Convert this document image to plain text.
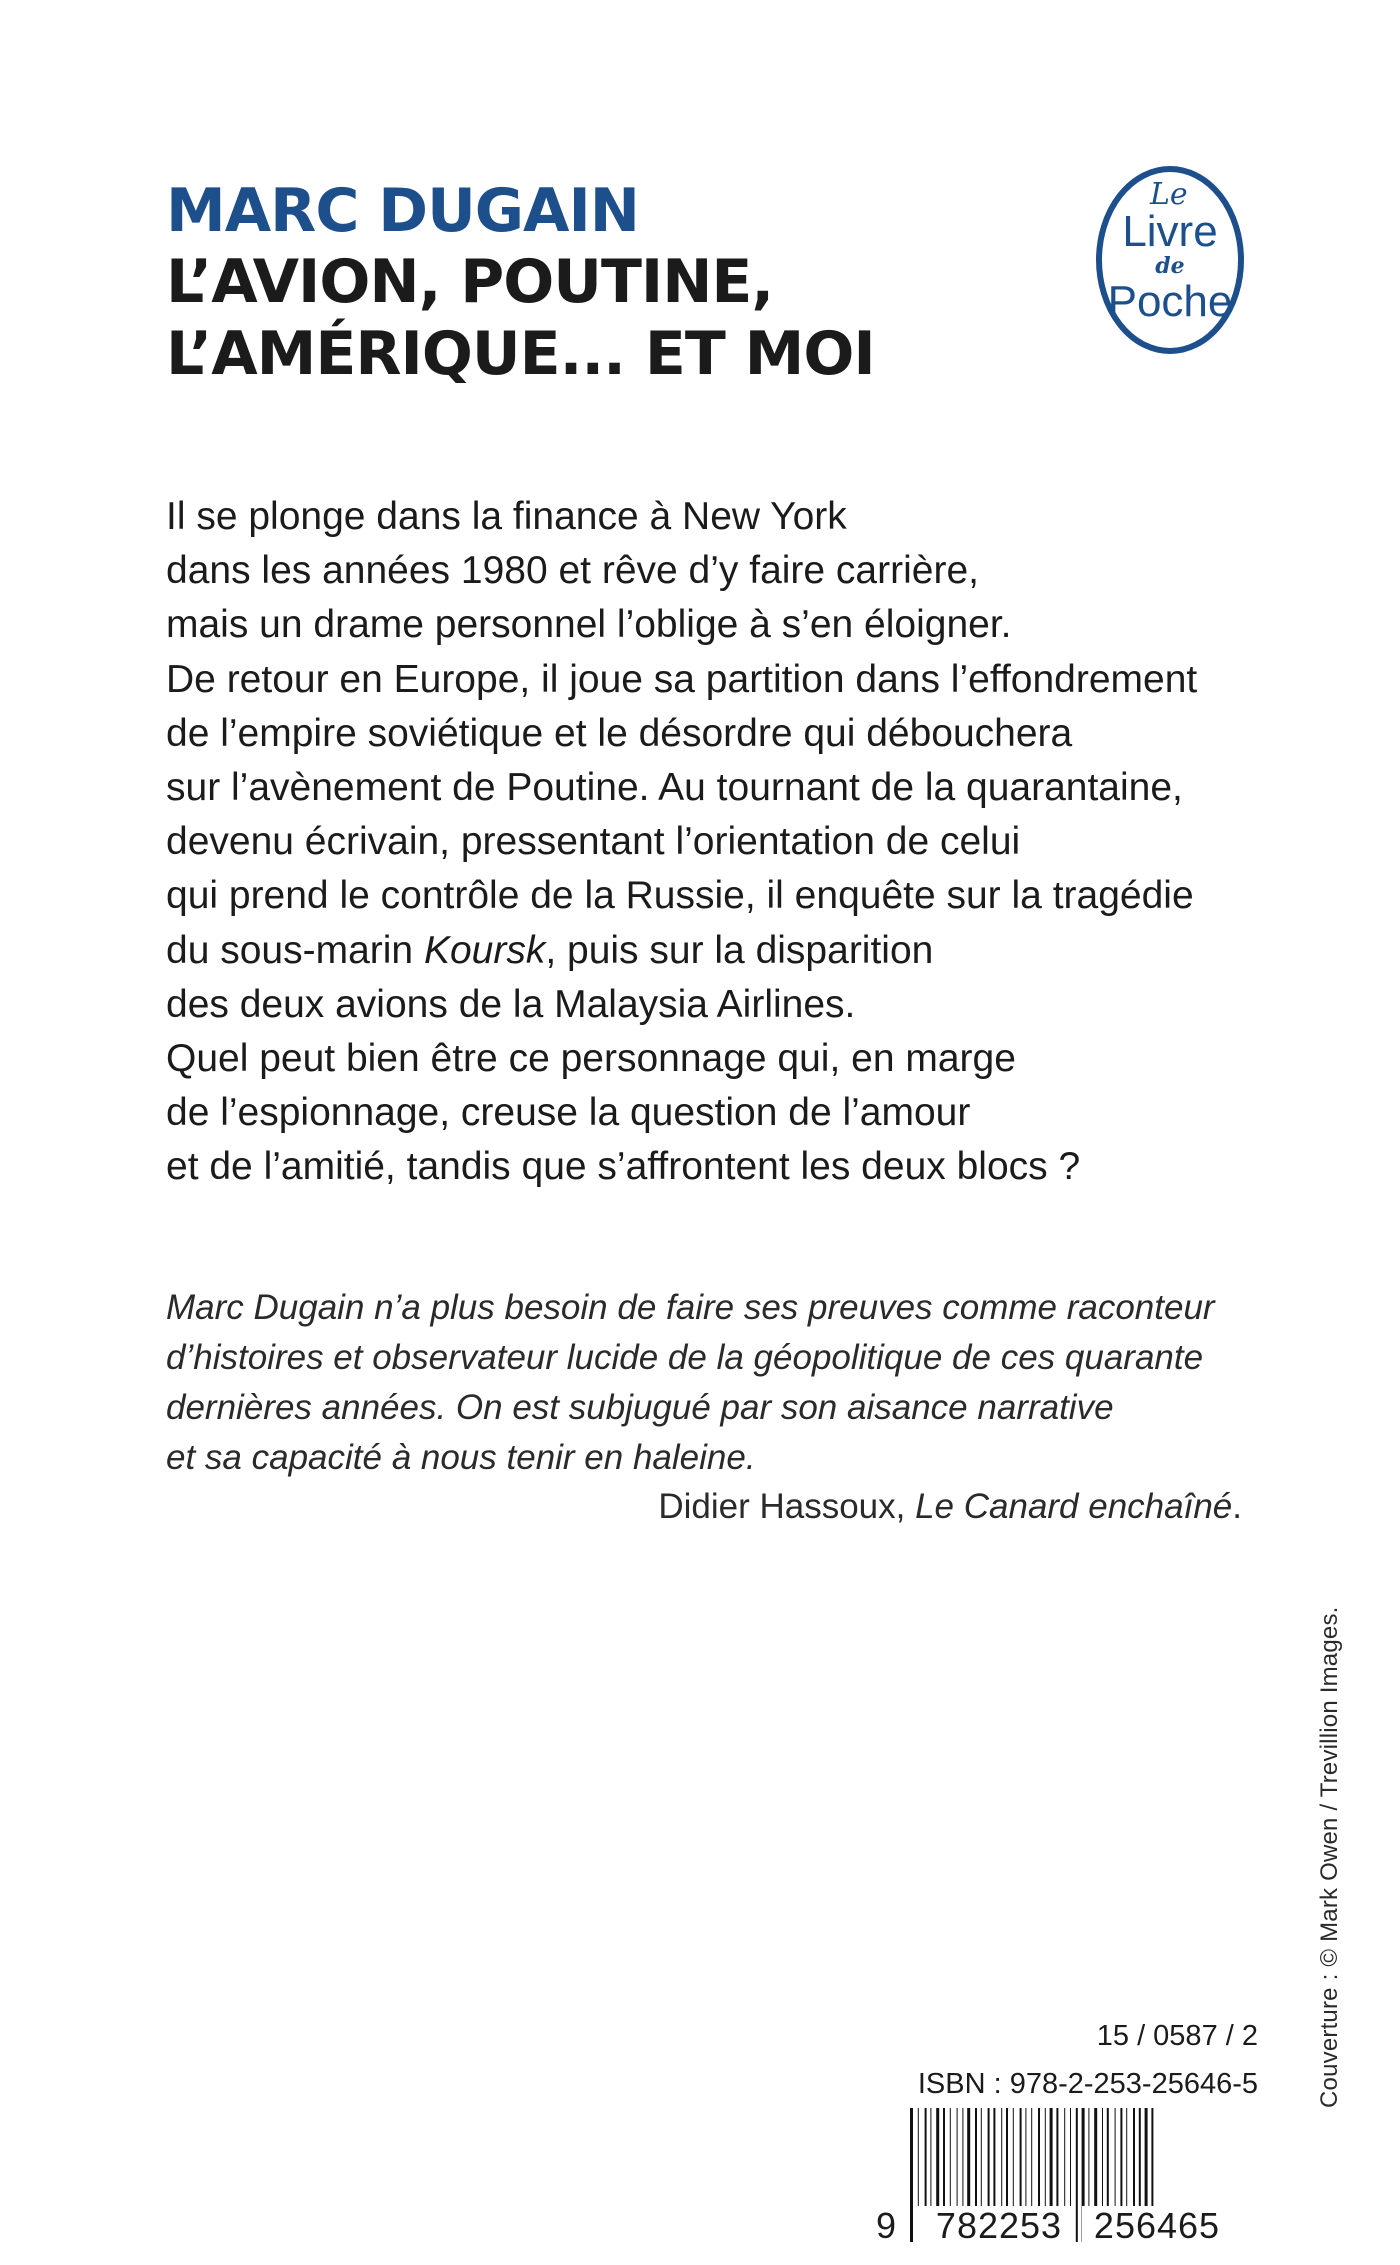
MARC DUGAIN
L’AVION, POUTINE,
L’AMÉRIQUE... ET MOI
Le
Livre
de
Poche

Il se plonge dans la finance à New York

dans les années 1980 et rêve d’y faire carrière,

mais un drame personnel l’oblige à s’en éloigner.

De retour en Europe, il joue sa partition dans l’effondrement

de l’empire soviétique et le désordre qui débouchera

sur l’avènement de Poutine. Au tournant de la quarantaine,

devenu écrivain, pressentant l’orientation de celui

qui prend le contrôle de la Russie, il enquête sur la tragédie

du sous-marin Koursk, puis sur la disparition

des deux avions de la Malaysia Airlines.

Quel peut bien être ce personnage qui, en marge

de l’espionnage, creuse la question de l’amour

et de l’amitié, tandis que s’affrontent les deux blocs ?

Marc Dugain n’a plus besoin de faire ses preuves comme raconteur

d’histoires et observateur lucide de la géopolitique de ces quarante

dernières années. On est subjugué par son aisance narrative

et sa capacité à nous tenir en haleine.

Didier Hassoux, Le Canard enchaîné.
Couverture : © Mark Owen / Trevillion Images.
15 / 0587 / 2
ISBN : 978-2-253-25646-5
9 782253 256465
